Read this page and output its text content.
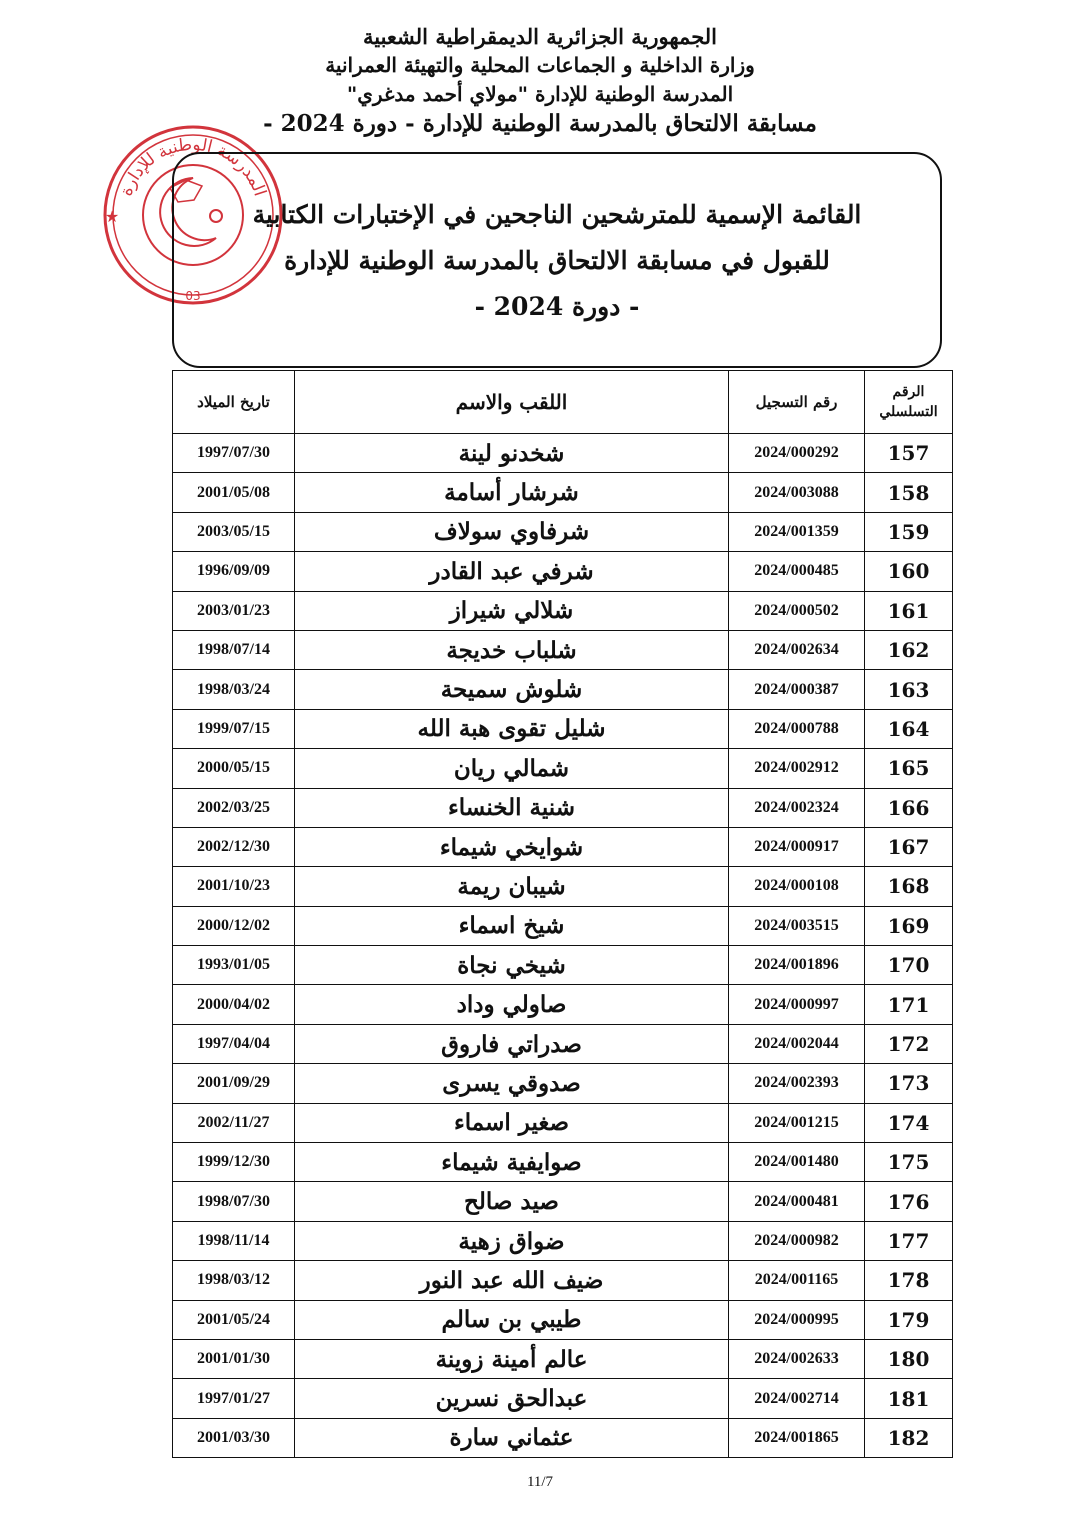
الجمهورية الجزائرية الديمقراطية الشعبية
وزارة الداخلية و الجماعات المحلية والتهيئة العمرانية
المدرسة الوطنية للإدارة "مولاي أحمد مدغري"
مسابقة الالتحاق بالمدرسة الوطنية للإدارة - دورة 2024 -
المدرسة الوطنية للإدارة
03
★	القائمة الإسمية للمترشحين الناجحين في الإختبارات الكتابية
للقبول في مسابقة الالتحاق بالمدرسة الوطنية للإدارة
- دورة 2024 -
الرقم التسلسلي	رقم التسجيل	اللقب والاسم	تاريخ الميلاد
157	2024/000292	شخدنو لينة	1997/07/30
158	2024/003088	شرشار أسامة	2001/05/08
159	2024/001359	شرفاوي سولاف	2003/05/15
160	2024/000485	شرفي عبد القادر	1996/09/09
161	2024/000502	شلالي شيراز	2003/01/23
162	2024/002634	شلباب خديجة	1998/07/14
163	2024/000387	شلوش سميحة	1998/03/24
164	2024/000788	شليل تقوى هبة الله	1999/07/15
165	2024/002912	شمالي ريان	2000/05/15
166	2024/002324	شنية الخنساء	2002/03/25
167	2024/000917	شوايخي شيماء	2002/12/30
168	2024/000108	شيبان ريمة	2001/10/23
169	2024/003515	شيخ اسماء	2000/12/02
170	2024/001896	شيخي نجاة	1993/01/05
171	2024/000997	صاولي وداد	2000/04/02
172	2024/002044	صدراتي فاروق	1997/04/04
173	2024/002393	صدوقي يسرى	2001/09/29
174	2024/001215	صغير اسماء	2002/11/27
175	2024/001480	صوايفية شيماء	1999/12/30
176	2024/000481	صيد صالح	1998/07/30
177	2024/000982	ضواق زهية	1998/11/14
178	2024/001165	ضيف الله عبد النور	1998/03/12
179	2024/000995	طيبي بن سالم	2001/05/24
180	2024/002633	عالم أمينة زوينة	2001/01/30
181	2024/002714	عبدالحق نسرين	1997/01/27
182	2024/001865	عثماني سارة	2001/03/30
11/7
